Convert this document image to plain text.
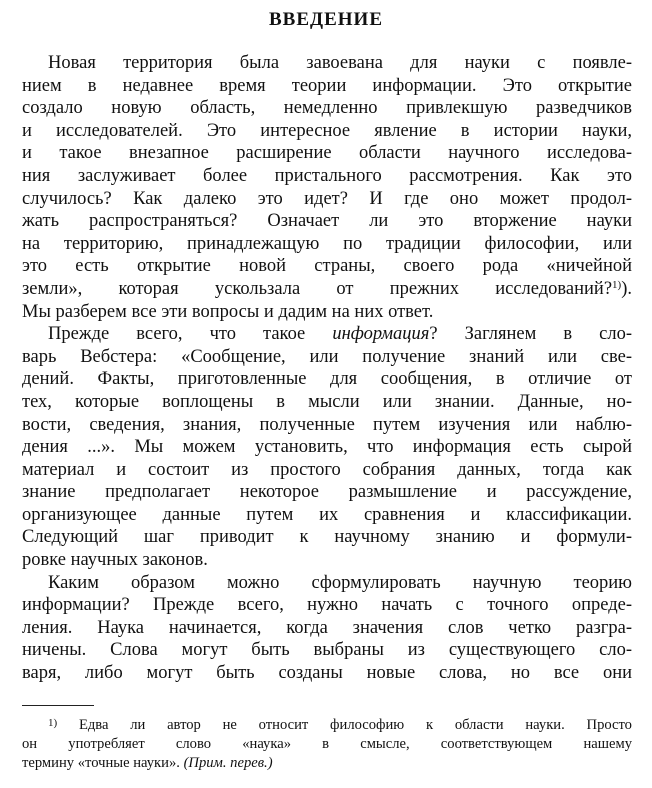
ВВЕДЕНИЕ
Новая территория была завоевана для науки с появле-
нием в недавнее время теории информации. Это открытие
создало новую область, немедленно привлекшую разведчиков
и исследователей. Это интересное явление в истории науки,
и такое внезапное расширение области научного исследова-
ния заслуживает более пристального рассмотрения. Как это
случилось? Как далеко это идет? И где оно может продол-
жать распространяться? Означает ли это вторжение науки
на территорию, принадлежащую по традиции философии, или
это есть открытие новой страны, своего рода «ничейной
земли», которая ускользала от прежних исследований?$^{1)}$).
Мы разберем все эти вопросы и дадим на них ответ.
Прежде всего, что такое информация? Заглянем в сло-
варь Вебстера: «Сообщение, или получение знаний или све-
дений. Факты, приготовленные для сообщения, в отличие от
тех, которые воплощены в мысли или знании. Данные, но-
вости, сведения, знания, полученные путем изучения или наблю-
дения ...». Мы можем установить, что информация есть сырой
материал и состоит из простого собрания данных, тогда как
знание предполагает некоторое размышление и рассуждение,
организующее данные путем их сравнения и классификации.
Следующий шаг приводит к научному знанию и формули-
ровке научных законов.
Каким образом можно сформулировать научную теорию
информации? Прежде всего, нужно начать с точного опреде-
ления. Наука начинается, когда значения слов четко разгра-
ничены. Слова могут быть выбраны из существующего сло-
варя, либо могут быть созданы новые слова, но все они
$^{1)}$ Едва ли автор не относит философию к области науки. Просто
он употребляет слово «наука» в смысле, соответствующем нашему
термину «точные науки». (Прим. перев.)
